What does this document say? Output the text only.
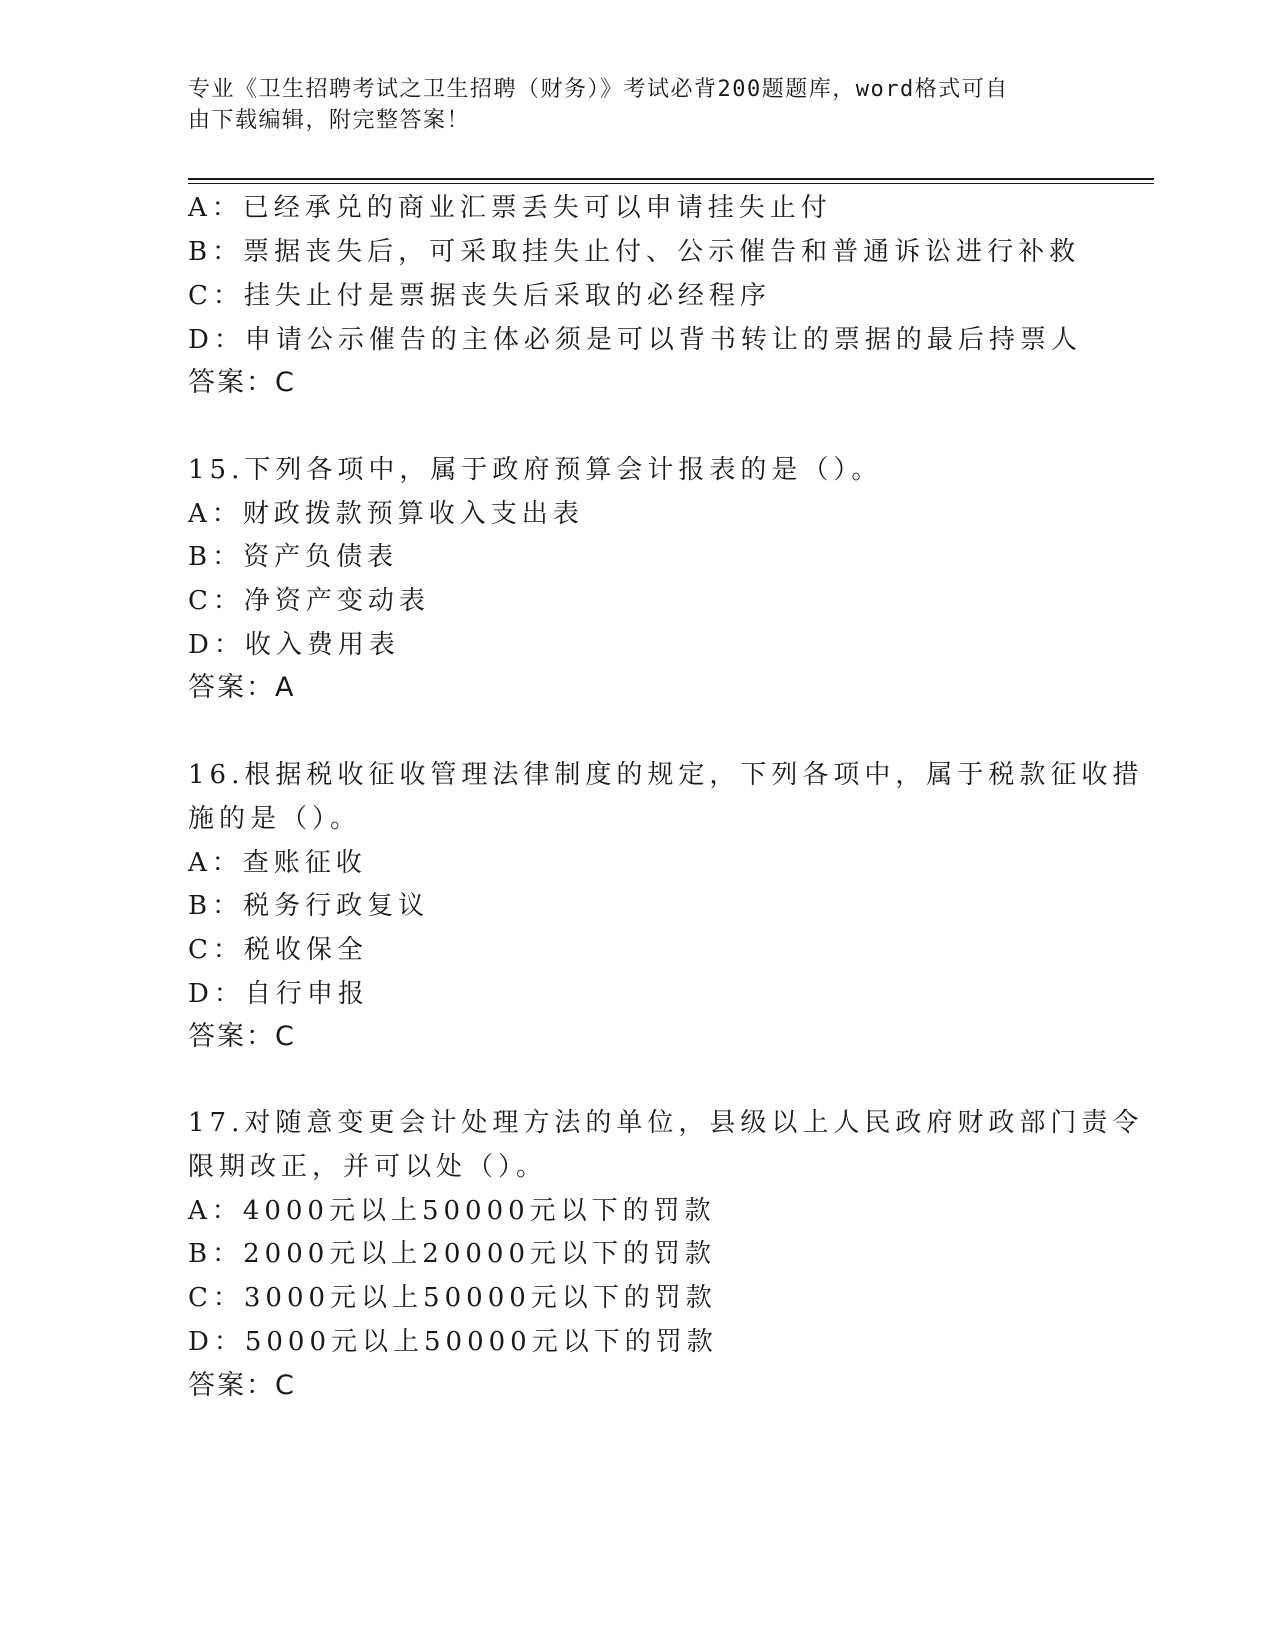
专业《卫生招聘考试之卫生招聘（财务）》考试必背200题题库，word格式可自
由下载编辑，附完整答案！
A：已经承兑的商业汇票丢失可以申请挂失止付
B：票据丧失后，可采取挂失止付、公示催告和普通诉讼进行补救
C：挂失止付是票据丧失后采取的必经程序
D：申请公示催告的主体必须是可以背书转让的票据的最后持票人
答案：C
15.下列各项中，属于政府预算会计报表的是（）。
A：财政拨款预算收入支出表
B：资产负债表
C：净资产变动表
D：收入费用表
答案：A
16.根据税收征收管理法律制度的规定，下列各项中，属于税款征收措
施的是（）。
A：查账征收
B：税务行政复议
C：税收保全
D：自行申报
答案：C
17.对随意变更会计处理方法的单位，县级以上人民政府财政部门责令
限期改正，并可以处（）。
A：4000元以上50000元以下的罚款
B：2000元以上20000元以下的罚款
C：3000元以上50000元以下的罚款
D：5000元以上50000元以下的罚款
答案：C
